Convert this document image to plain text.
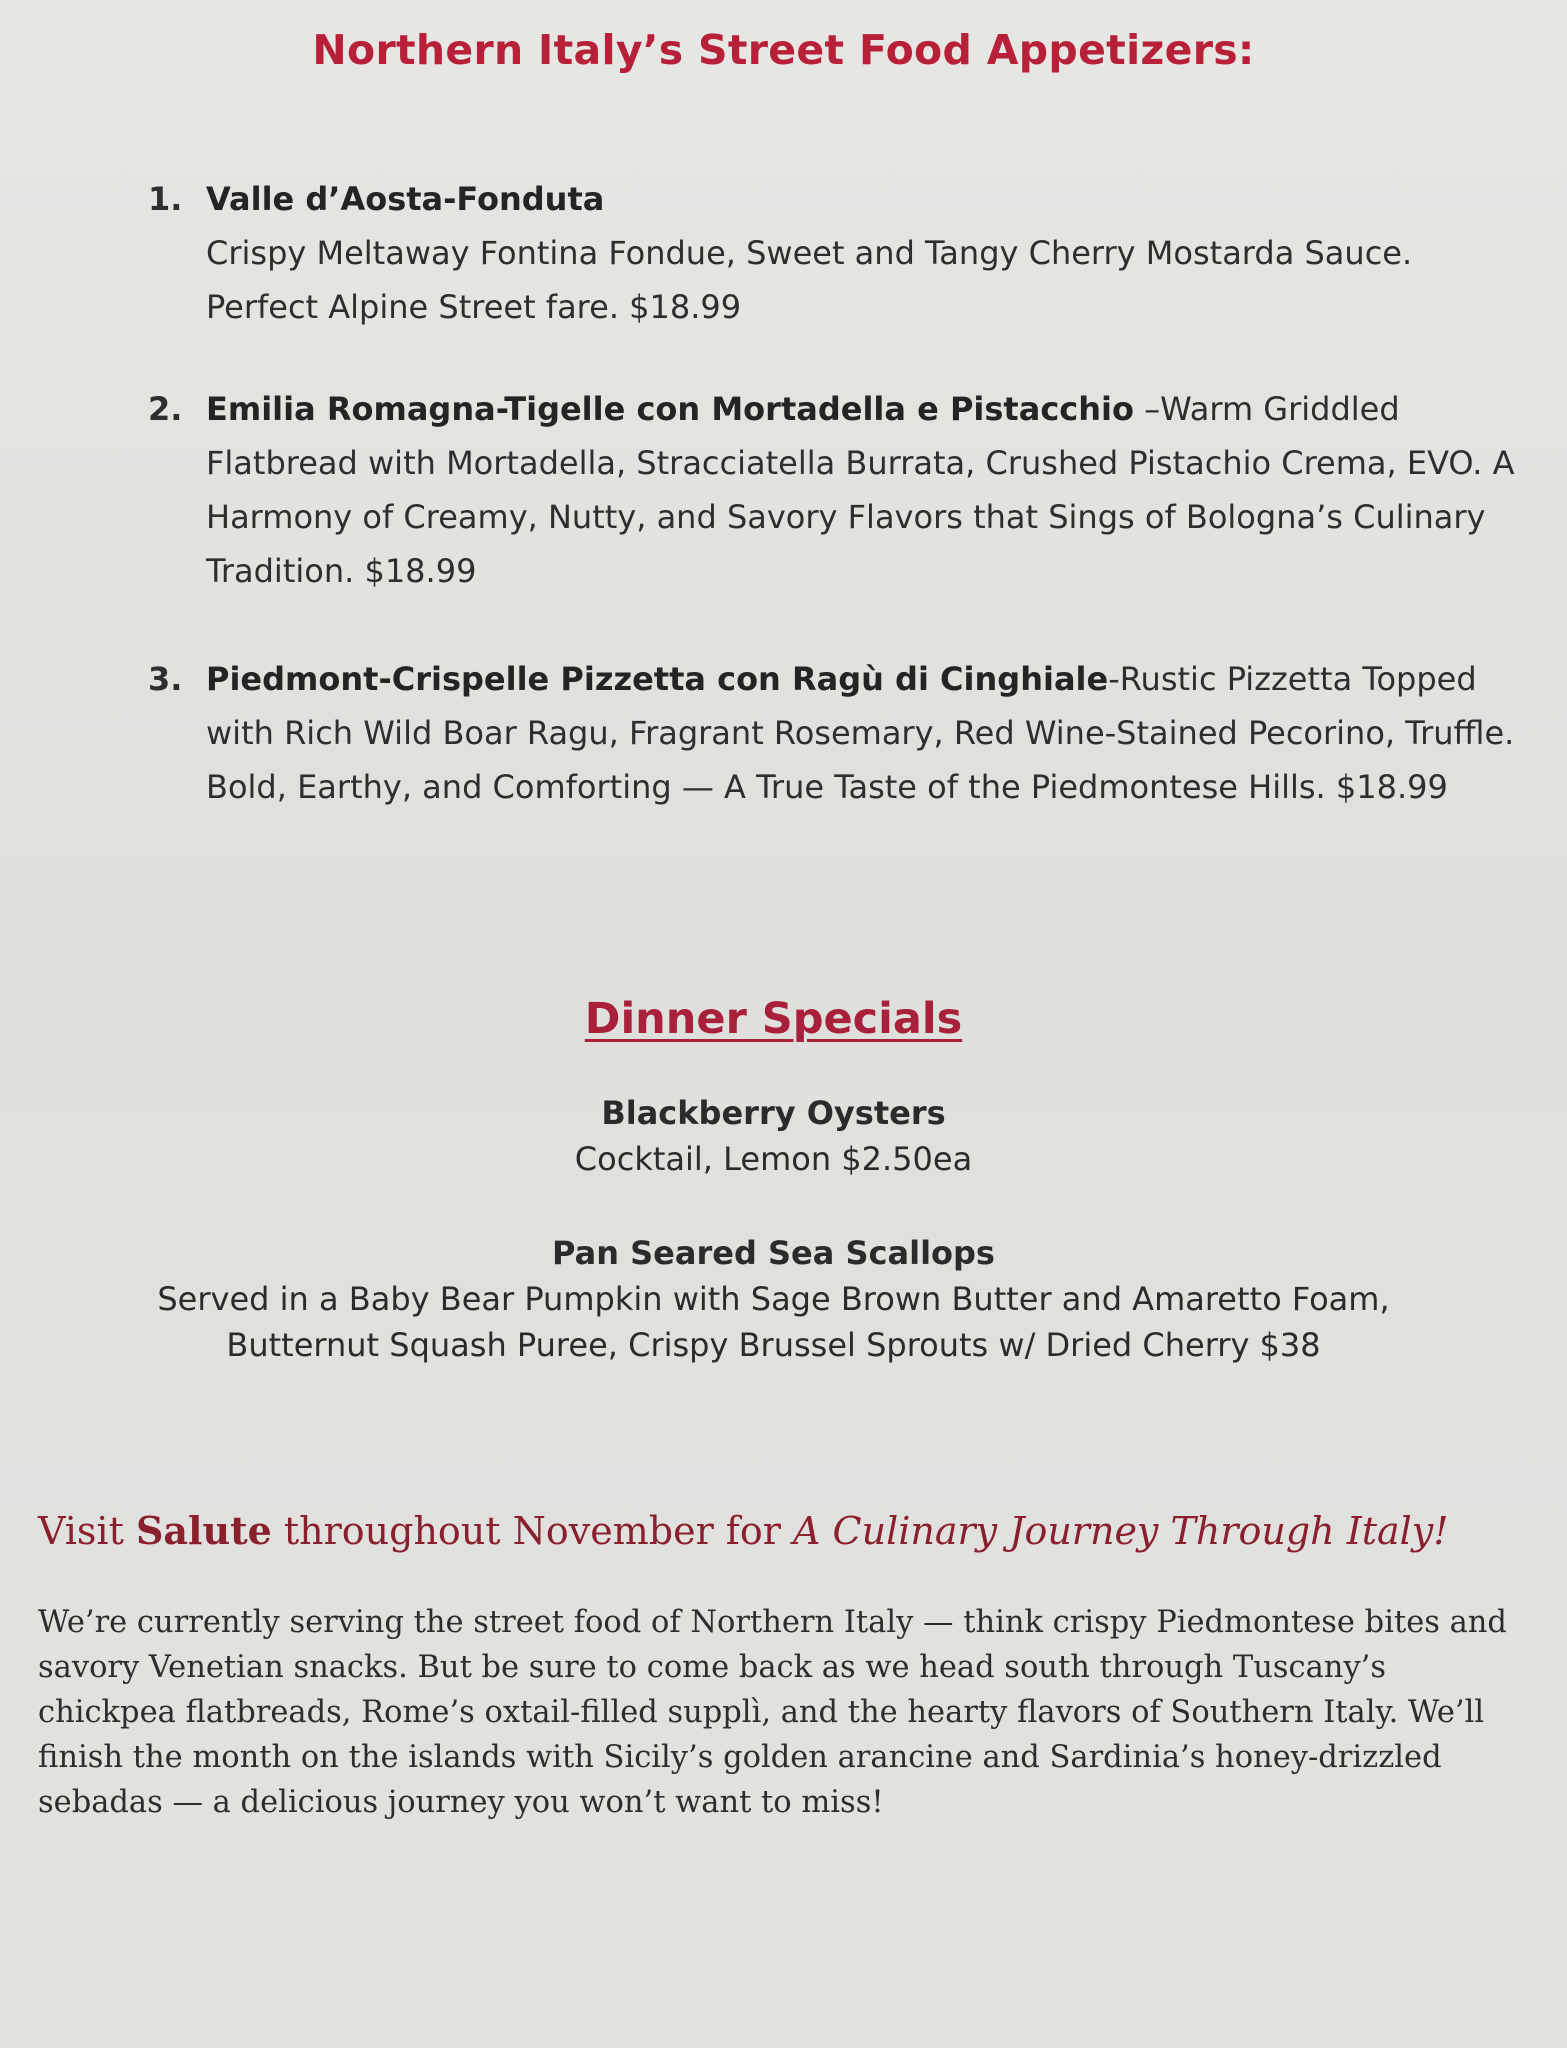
Northern Italy’s Street Food Appetizers:
1. Valle d’Aosta-Fonduta
Crispy Meltaway Fontina Fondue, Sweet and Tangy Cherry Mostarda Sauce. Perfect Alpine Street fare. $18.99
2. Emilia Romagna-Tigelle con Mortadella e Pistacchio –Warm Griddled Flatbread with Mortadella, Stracciatella Burrata, Crushed Pistachio Crema, EVO. A Harmony of Creamy, Nutty, and Savory Flavors that Sings of Bologna’s Culinary Tradition. $18.99
3. Piedmont-Crispelle Pizzetta con Ragù di Cinghiale-Rustic Pizzetta Topped with Rich Wild Boar Ragu, Fragrant Rosemary, Red Wine-Stained Pecorino, Truffle. Bold, Earthy, and Comforting — A True Taste of the Piedmontese Hills. $18.99
Dinner Specials
Blackberry Oysters
Cocktail, Lemon $2.50ea
Pan Seared Sea Scallops
Served in a Baby Bear Pumpkin with Sage Brown Butter and Amaretto Foam,
Butternut Squash Puree, Crispy Brussel Sprouts w/ Dried Cherry $38

Visit Salute throughout November for A Culinary Journey Through Italy!

We’re currently serving the street food of Northern Italy — think crispy Piedmontese bites and savory Venetian snacks. But be sure to come back as we head south through Tuscany’s chickpea flatbreads, Rome’s oxtail-filled supplì, and the hearty flavors of Southern Italy. We’ll finish the month on the islands with Sicily’s golden arancine and Sardinia’s honey-drizzled sebadas — a delicious journey you won’t want to miss!
